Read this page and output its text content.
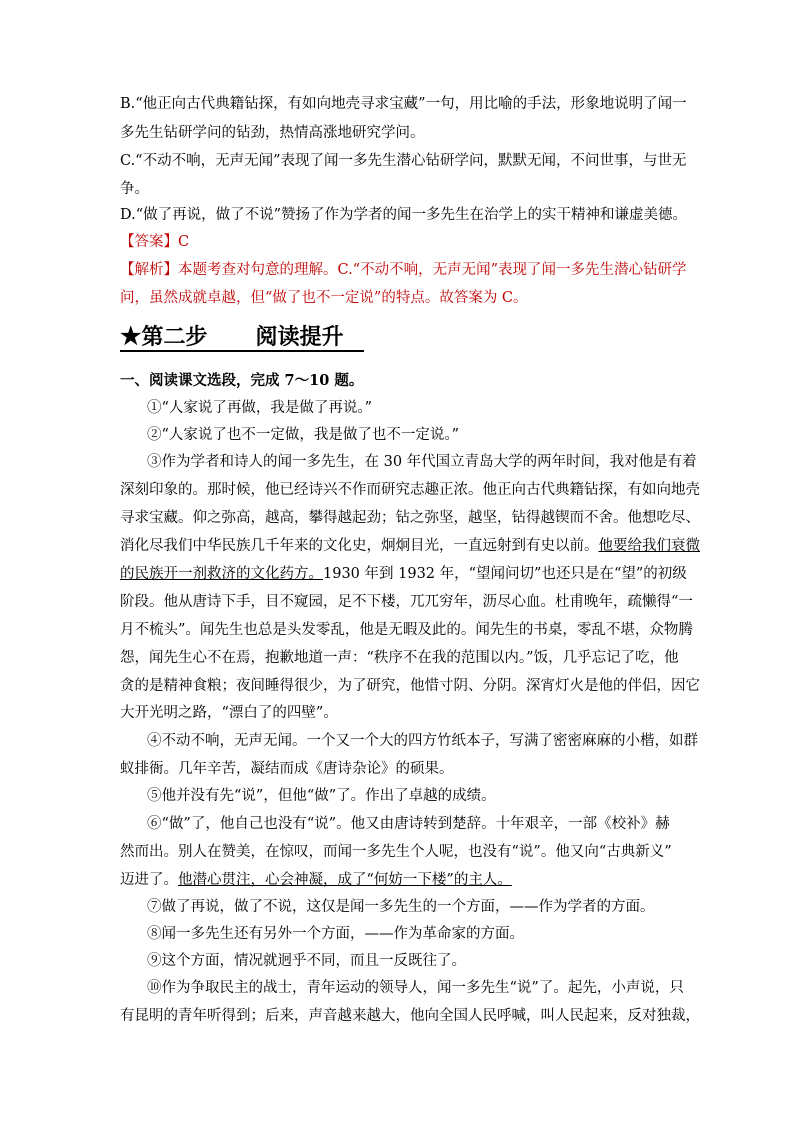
B.“他正向古代典籍钻探，有如向地壳寻求宝藏”一句，用比喻的手法，形象地说明了闻一
多先生钻研学问的钻劲，热情高涨地研究学问。
C.“不动不响，无声无闻”表现了闻一多先生潜心钻研学问，默默无闻，不问世事，与世无
争。
D.“做了再说，做了不说”赞扬了作为学者的闻一多先生在治学上的实干精神和谦虚美德。
【答案】C
【解析】本题考查对句意的理解。C.“不动不响，无声无闻”表现了闻一多先生潜心钻研学
问，虽然成就卓越，但“做了也不一定说”的特点。故答案为 C。
★第二步 阅读提升
一、阅读课文选段，完成 7～10 题。
①“人家说了再做，我是做了再说。”
②“人家说了也不一定做，我是做了也不一定说。”
③作为学者和诗人的闻一多先生，在 30 年代国立青岛大学的两年时间，我对他是有着
深刻印象的。那时候，他已经诗兴不作而研究志趣正浓。他正向古代典籍钻探，有如向地壳
寻求宝藏。仰之弥高，越高，攀得越起劲；钻之弥坚，越坚，钻得越锲而不舍。他想吃尽、
消化尽我们中华民族几千年来的文化史，炯炯目光，一直远射到有史以前。他要给我们衰微
的民族开一剂救济的文化药方。1930 年到 1932 年，“望闻问切”也还只是在“望”的初级
阶段。他从唐诗下手，目不窥园，足不下楼，兀兀穷年，沥尽心血。杜甫晚年，疏懒得“一
月不梳头”。闻先生也总是头发零乱，他是无暇及此的。闻先生的书桌，零乱不堪，众物腾
怨，闻先生心不在焉，抱歉地道一声：“秩序不在我的范围以内。”饭，几乎忘记了吃，他
贪的是精神食粮；夜间睡得很少，为了研究，他惜寸阴、分阴。深宵灯火是他的伴侣，因它
大开光明之路，“漂白了的四壁”。
④不动不响，无声无闻。一个又一个大的四方竹纸本子，写满了密密麻麻的小楷，如群
蚁排衙。几年辛苦，凝结而成《唐诗杂论》的硕果。
⑤他并没有先“说”，但他“做”了。作出了卓越的成绩。
⑥“做”了，他自己也没有“说”。他又由唐诗转到楚辞。十年艰辛，一部《校补》赫
然而出。别人在赞美，在惊叹，而闻一多先生个人呢，也没有“说”。他又向“古典新义”
迈进了。他潜心贯注，心会神凝，成了“何妨一下楼”的主人。
⑦做了再说，做了不说，这仅是闻一多先生的一个方面，——作为学者的方面。
⑧闻一多先生还有另外一个方面，——作为革命家的方面。
⑨这个方面，情况就迥乎不同，而且一反既往了。
⑩作为争取民主的战士，青年运动的领导人，闻一多先生“说”了。起先，小声说，只
有昆明的青年听得到；后来，声音越来越大，他向全国人民呼喊，叫人民起来，反对独裁，
